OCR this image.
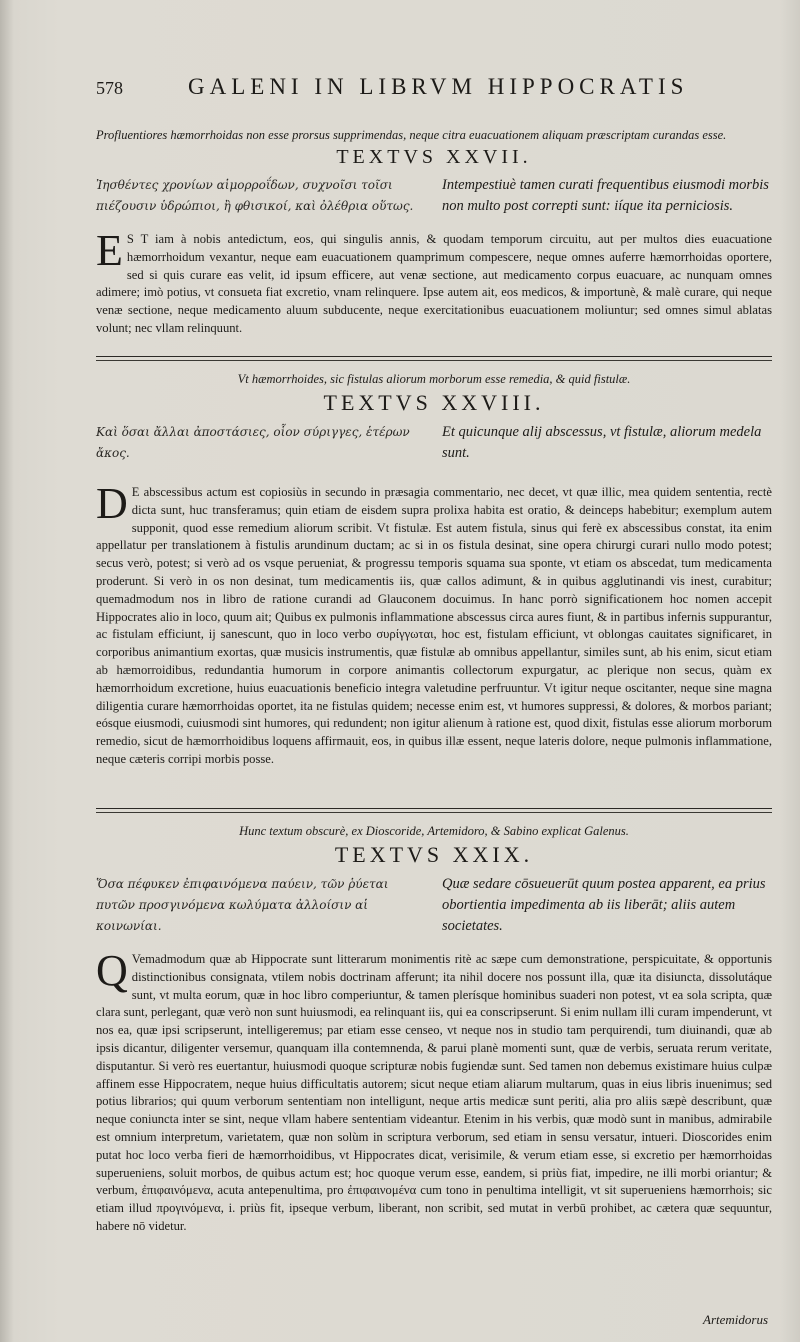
578	GALENI IN LIBRVM HIPPOCRATIS
Profluentiores hæmorrhoidas non esse prorsus supprimendas, neque citra euacuationem aliquam præscriptam curandas esse.
TEXTVS XXVII.
Ἰησθέντες χρονίων αἱμορροΐδων, συχνοῖσι τοῖσι πιέζουσιν ὑδρώπιοι, ἢ φθισικοί, καὶ ὀλέθρια οὕτως.
Intempestiuè tamen curati frequentibus eiusmodi morbis non multo post correpti sunt: iíque ita perniciosis.
E S T iam à nobis antedictum, eos, qui singulis annis, & quodam temporum circuitu, aut per multos dies euacuatione hæmorrhoidum vexantur, neque eam euacuationem quamprimum compescere, neque omnes auferre hæmorrhoidas oportere, sed si quis curare eas velit, id ipsum efficere, aut venæ sectione, aut medicamento corpus euacuare, ac nunquam omnes adimere; imò potius, vt consueta fiat excretio, vnam relinquere. Ipse autem ait, eos medicos, & importunè, & malè curare, qui neque venæ sectione, neque medicamento aluum subducente, neque exercitationibus euacuationem moliuntur; sed omnes simul ablatas volunt; nec vllam relinquunt.
Vt hæmorrhoides, sic fistulas aliorum morborum esse remedia, & quid fistulæ.
TEXTVS XXVIII.
Καὶ ὅσαι ἄλλαι ἀποστάσιες, οἷον σύριγγες, ἑτέρων ἄκος.
Et quicunque alij abscessus, vt fistulæ, aliorum medela sunt.
D E abscessibus actum est copiosiùs in secundo in præsagia commentario, nec decet, vt quæ illic, mea quidem sententia, rectè dicta sunt, huc transferamus; quin etiam de eisdem supra prolixa habita est oratio, & deinceps habebitur; exemplum autem supponit, quod esse remedium aliorum scribit. Vt fistulæ. Est autem fistula, sinus qui ferè ex abscessibus constat, ita enim appellatur per translationem à fistulis arundinum ductam; ac si in os fistula desinat, sine opera chirurgi curari nullo modo potest; secus verò, potest; si verò ad os vsque perueniat, & progressu temporis squama sua sponte, vt etiam os abscedat, tum medicamenta proderunt. Si verò in os non desinat, tum medicamentis iis, quæ callos adimunt, & in quibus agglutinandi vis inest, curabitur; quemadmodum nos in libro de ratione curandi ad Glauconem docuimus. In hanc porrò significationem hoc nomen accepit Hippocrates alio in loco, quum ait; Quibus ex pulmonis inflammatione abscessus circa aures fiunt, & in partibus infernis suppurantur, ac fistulam efficiunt, ij sanescunt, quo in loco verbo συρίγγωται, hoc est, fistulam efficiunt, vt oblongas cauitates significaret, in corporibus animantium exortas, quæ musicis instrumentis, quæ fistulæ ab omnibus appellantur, similes sunt, ab his enim, sicut etiam ab hæmorroidibus, redundantia humorum in corpore animantis collectorum expurgatur, ac plerique non secus, quàm ex hæmorrhoidum excretione, huius euacuationis beneficio integra valetudine perfruuntur. Vt igitur neque oscitanter, neque sine magna diligentia curare hæmorrhoidas oportet, ita ne fistulas quidem; necesse enim est, vt humores suppressi, & dolores, & morbos pariant; eósque eiusmodi, cuiusmodi sint humores, qui redundent; non igitur alienum à ratione est, quod dixit, fistulas esse aliorum morborum remedio, sicut de hæmorrhoidibus loquens affirmauit, eos, in quibus illæ essent, neque lateris dolore, neque pulmonis inflammatione, neque cæteris corripi morbis posse.
Hunc textum obscurè, ex Dioscoride, Artemidoro, & Sabino explicat Galenus.
TEXTVS XXIX.
Ὅσα πέφυκεν ἐπιφαινόμενα παύειν, τῶν ῥύεται πυτῶν προσγινόμενα κωλύματα ἀλλοίσιν αἱ κοινωνίαι.
Quæ sedare cōsueuerūt quum postea apparent, ea prius obortientia impedimenta ab iis liberāt; aliis autem societates.
Q Vemadmodum quæ ab Hippocrate sunt litterarum monimentis ritè ac sæpe cum demonstratione, perspicuitate, & opportunis distinctionibus consignata, vtilem nobis doctrinam afferunt; ita nihil docere nos possunt illa, quæ ita disiuncta, dissolutáque sunt, vt multa eorum, quæ in hoc libro comperiuntur, & tamen plerísque hominibus suaderi non potest, vt ea sola scripta, quæ clara sunt, perlegant, quæ verò non sunt huiusmodi, ea relinquant iis, qui ea conscripserunt. Si enim nullam illi curam impenderunt, vt nos ea, quæ ipsi scripserunt, intelligeremus; par etiam esse censeo, vt neque nos in studio tam perquirendi, tum diuinandi, quæ ab ipsis dicantur, diligenter versemur, quanquam illa contemnenda, & parui planè momenti sunt, quæ de verbis, seruata rerum veritate, disputantur. Si verò res euertantur, huiusmodi quoque scripturæ nobis fugiendæ sunt. Sed tamen non debemus existimare huius culpæ affinem esse Hippocratem, neque huius difficultatis autorem; sicut neque etiam aliarum multarum, quas in eius libris inuenimus; sed potius librarios; qui quum verborum sententiam non intelligunt, neque artis medicæ sunt periti, alia pro aliis sæpè describunt, quæ neque coniuncta inter se sint, neque vllam habere sententiam videantur. Etenim in his verbis, quæ modò sunt in manibus, admirabile est omnium interpretum, varietatem, quæ non solùm in scriptura verborum, sed etiam in sensu versatur, intueri. Dioscorides enim putat hoc loco verba fieri de hæmorrhoidibus, vt Hippocrates dicat, verisimile, & verum etiam esse, si excretio per hæmorrhoidas superueniens, soluit morbos, de quibus actum est; hoc quoque verum esse, eandem, si priùs fiat, impedire, ne illi morbi oriantur; & verbum, ἐπιφαινόμενα, acuta antepenultima, pro ἐπιφαινομένα cum tono in penultima intelligit, vt sit superueniens hæmorrhois; sic etiam illud προγινόμενα, i. priùs fit, ipseque verbum, liberant, non scribit, sed mutat in verbū prohibet, ac cætera quæ sequuntur, habere nō videtur.
Artemidorus
